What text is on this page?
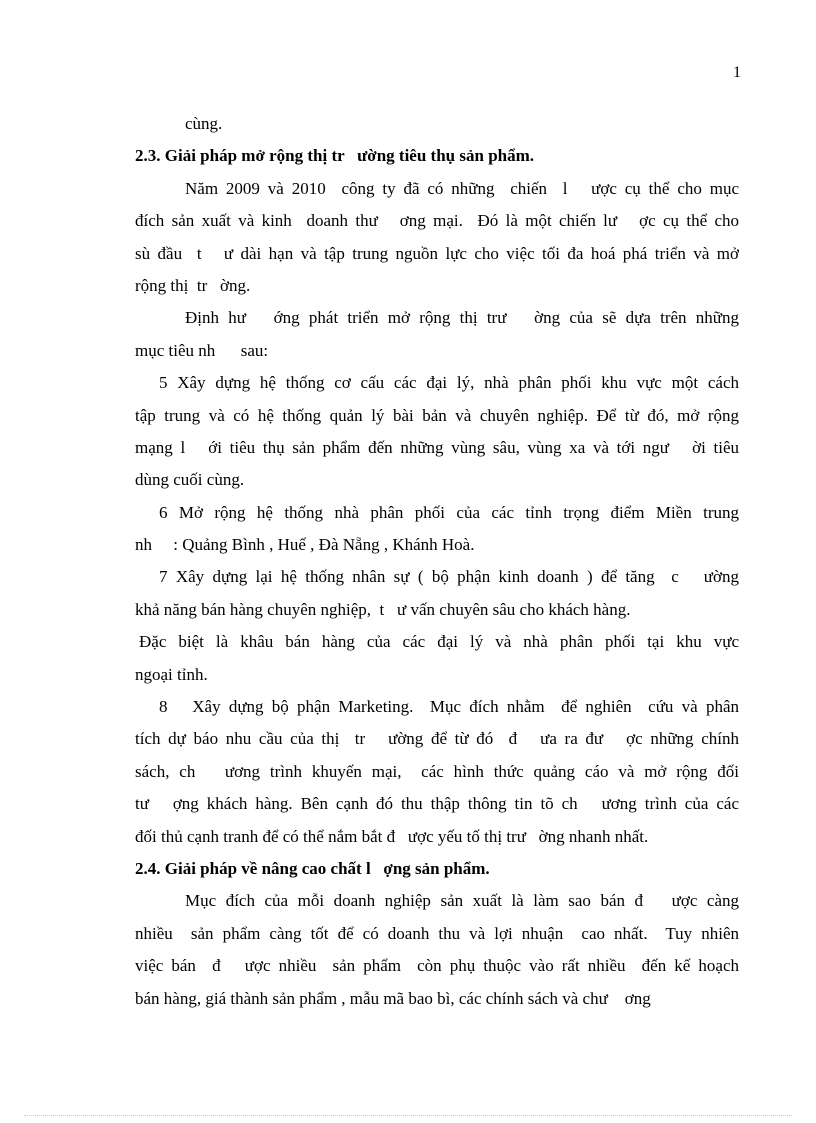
1
cùng.
2.3. Giải pháp mở rộng thị tr   ường tiêu thụ sản phẩm.
Năm 2009 và 2010  công ty đã có những  chiến  l   ược cụ thể cho mục
đích sản xuất và kinh  doanh thư   ơng mại.  Đó là một chiến lư   ợc cụ thể cho
sù đầu  t   ư dài hạn và tập trung nguồn lực cho việc tối đa hoá phá triển và mở
rộng thị  tr   ờng.
Định hư   ớng phát triển mở rộng thị trư   ờng của sẽ dựa trên những
mục tiêu nh      sau:
5 Xây dựng hệ thống cơ cấu các đại lý, nhà phân phối khu vực một cách
tập trung và có hệ thống quản lý bài bản và chuyên nghiệp. Để từ đó, mở rộng
mạng l   ới tiêu thụ sản phẩm đến những vùng sâu, vùng xa và tới ngư   ời tiêu
dùng cuối cùng.
6 Mở rộng hệ thống nhà phân phối của các tỉnh trọng điểm Miền trung
nh     : Quảng Bình , Huế , Đà Nẵng , Khánh Hoà.
7 Xây dựng lại hệ thống nhân sự ( bộ phận kinh doanh ) để tăng  c   ường
khả năng bán hàng chuyên nghiệp,  t   ư vấn chuyên sâu cho khách hàng.
Đặc biệt là khâu bán hàng của các đại lý và nhà phân phối tại khu vực
ngoại tỉnh.
8   Xây dựng bộ phận Marketing.  Mục đích nhằm  để nghiên  cứu và phân
tích dự báo nhu cầu của thị  tr   ường để từ đó  đ   ưa ra đư   ợc những chính
sách, ch   ương trình khuyến mại,  các hình thức quảng cáo và mở rộng đối
tư   ợng khách hàng. Bên cạnh đó thu thập thông tin tõ ch   ương trình của các
đối thủ cạnh tranh để có thể nắm bắt đ   ược yếu tố thị trư   ờng nhanh nhất.
2.4. Giải pháp về nâng cao chất l   ợng sản phẩm.
Mục đích của mỗi doanh nghiệp sản xuất là làm sao bán đ   ược càng
nhiều  sản phẩm càng tốt để có doanh thu và lợi nhuận  cao nhất.  Tuy nhiên
việc bán  đ   ược nhiều  sản phẩm  còn phụ thuộc vào rất nhiều  đến kế hoạch
bán hàng, giá thành sản phẩm , mẫu mã bao bì, các chính sách và chư    ơng
